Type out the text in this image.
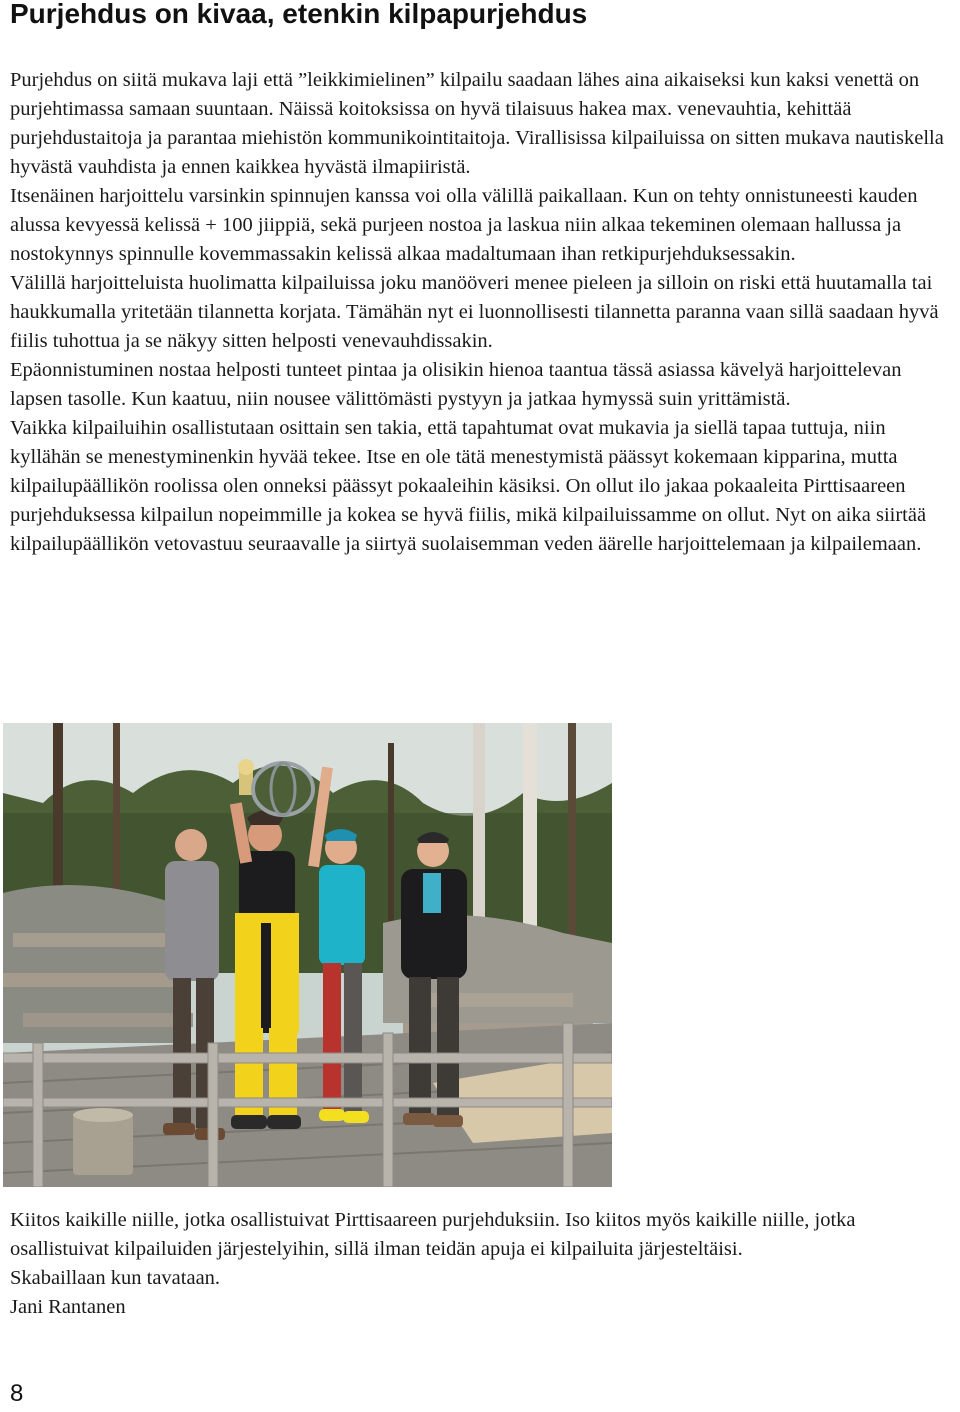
Purjehdus on kivaa, etenkin kilpapurjehdus

Purjehdus on siitä mukava laji että ”leikkimielinen” kilpailu saadaan lähes aina aikaiseksi kun kaksi venettä on purjehtimassa samaan suuntaan. Näissä koitoksissa on hyvä tilaisuus hakea max. venevauhtia, kehittää purjehdustaitoja ja parantaa miehistön kommunikointitaitoja. Virallisissa kilpailuissa on sitten mukava nautiskella hyvästä vauhdista ja ennen kaikkea hyvästä ilmapiiristä.

Itsenäinen harjoittelu varsinkin spinnujen kanssa voi olla välillä paikallaan. Kun on tehty onnistuneesti kauden alussa kevyessä kelissä + 100 jiippiä, sekä purjeen nostoa ja laskua niin alkaa tekeminen olemaan hallussa ja nostokynnys spinnulle kovemmassakin kelissä alkaa madaltumaan ihan retkipurjehduksessakin.

Välillä harjoitteluista huolimatta kilpailuissa joku manööveri menee pieleen ja silloin on riski että huutamalla tai haukkumalla yritetään tilannetta korjata. Tämähän nyt ei luonnollisesti tilannetta paranna vaan sillä saadaan hyvä fiilis tuhottua ja se näkyy sitten helposti venevauhdissakin.

Epäonnistuminen nostaa helposti tunteet pintaa ja olisikin hienoa taantua tässä asiassa kävelyä harjoittelevan lapsen tasolle. Kun kaatuu, niin nousee välittömästi pystyyn ja jatkaa hymyssä suin yrittämistä.

Vaikka kilpailuihin osallistutaan osittain sen takia, että tapahtumat ovat mukavia ja siellä tapaa tuttuja, niin kyllähän se menestyminenkin hyvää tekee. Itse en ole tätä menestymistä päässyt kokemaan kipparina, mutta kilpailupäällikön roolissa olen onneksi päässyt pokaaleihin käsiksi. On ollut ilo jakaa pokaaleita Pirttisaareen purjehduksessa kilpailun nopeimmille ja kokea se hyvä fiilis, mikä kilpailuissamme on ollut. Nyt on aika siirtää kilpailupäällikön vetovastuu seuraavalle ja siirtyä suolaisemman veden äärelle harjoittelemaan ja kilpailemaan.

Kiitos kaikille niille, jotka osallistuivat Pirttisaareen purjehduksiin. Iso kiitos myös kaikille niille, jotka osallistuivat kilpailuiden järjestelyihin, sillä ilman teidän apuja ei kilpailuita järjesteltäisi.

Skabaillaan kun tavataan.

Jani Rantanen

8
